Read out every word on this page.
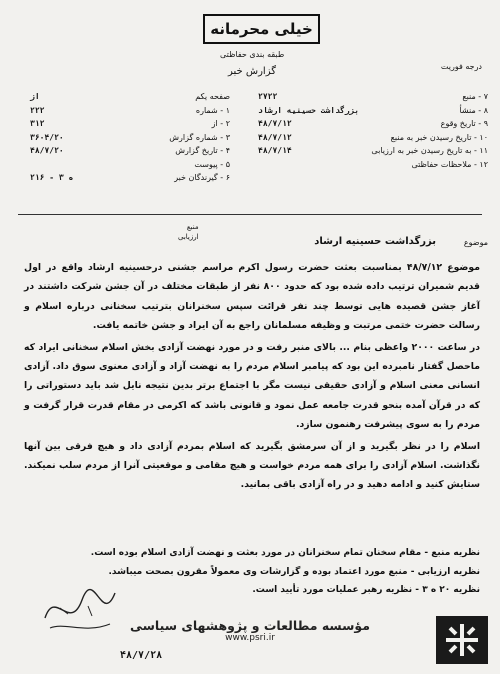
خیلی محرمانه
طبقه بندی حفاظتی
گزارش خبر	درجه فوریت
۷ - منبع
۲۷۲۲
۸ - منشأ
بزرگداشت حسینیه ارشاد
۹ - تاریخ وقوع
۴۸/۷/۱۲
۱۰ - تاریخ رسیدن خبر به منبع
۴۸/۷/۱۲
۱۱ - به تاریخ رسیدن خبر به ارزیابی
۴۸/۷/۱۴
۱۲ - ملاحظات حفاظتی
صفحه یکم
از
۱ - شماره
۲۲۲
۲ - از
۳۱۲
۳ - شماره گزارش
۳۶۰۴/۲۰
۴ - تاریخ گزارش
۴۸/۷/۲۰
۵ - پیوست
۶ - گیرندگان خبر
۲۱۶ - ه ۳
منبع
ارزیابی
موضوع
بزرگداشت حسینیه ارشاد

موضوع ۴۸/۷/۱۲ بمناسبت بعثت حضرت رسول اکرم مراسم جشنی درحسینیه ارشاد واقع در اول قدیم شمیران ترتیب داده شده بود که حدود ۸۰۰ نفر از طبقات مختلف در آن جشن شرکت داشتند در آغاز جشن قصیده هایی توسط چند نفر قرائت سپس سخنرانان بترتیب سخنانی درباره اسلام و رسالت حضرت ختمی مرتبت و وظیفه مسلمانان راجع به آن ایراد و جشن خاتمه یافت.

در ساعت ۲۰۰۰ واعظی بنام ... بالای منبر رفت و در مورد نهضت آزادی بخش اسلام سخنانی ایراد که ماحصل گفتار نامبرده این بود که پیامبر اسلام مردم را به نهضت آزاد و آزادی معنوی سوق داد. آزادی انسانی معنی اسلام و آزادی حقیقی نیست مگر با اجتماع برتر بدین نتیجه نایل شد باید دستوراتی را که در قرآن آمده بنحو قدرت جامعه عمل نمود و قانونی باشد که اکرمی در مقام قدرت قرار گرفت و مردم را به سوی پیشرفت رهنمون سازد.

اسلام را در نظر بگیرید و از آن سرمشق بگیرید که اسلام بمردم آزادی داد و هیچ فرقی بین آنها نگذاشت. اسلام آزادی را برای همه مردم خواست و هیچ مقامی و موقعیتی آنرا از مردم سلب نمیکند. ستایش کنید و ادامه دهید و در راه آزادی باقی بمانید.

نظریه منبع - مقام سخنان تمام سخنرانان در مورد بعثت و نهضت آزادی اسلام بوده است.
نظریه ارزیابی - منبع مورد اعتماد بوده و گزارشات وی معمولاً مقرون بصحت میباشد.
نظریه ۲۰ ه ۳ - نظریه رهبر عملیات مورد تأیید است.
۴۸/۷/۲۸
مؤسسه مطالعات و پژوهشهای سیاسی
www.psri.ir
